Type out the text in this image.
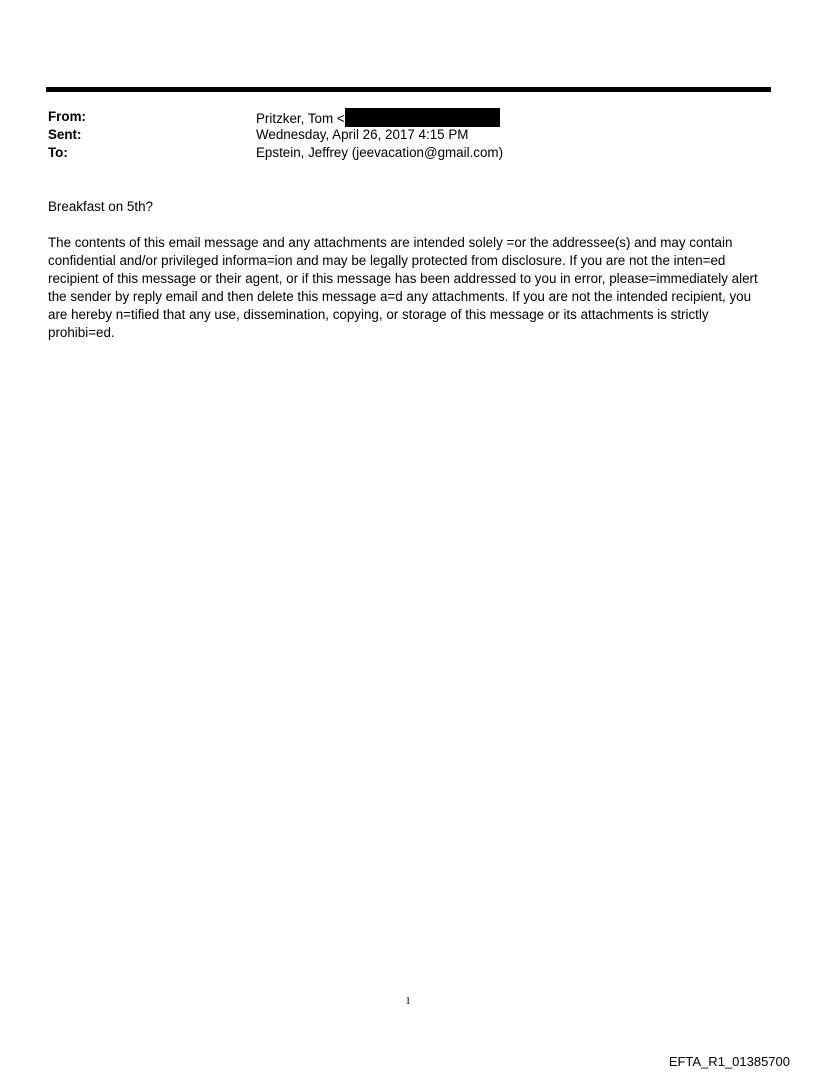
From:	Pritzker, Tom <
Sent:	Wednesday, April 26, 2017 4:15 PM
To:	Epstein, Jeffrey (jeevacation@gmail.com)
Breakfast on 5th?
The contents of this email message and any attachments are intended solely =or the addressee(s) and may contain
confidential and/or privileged informa=ion and may be legally protected from disclosure. If you are not the inten=ed
recipient of this message or their agent, or if this message has been addressed to you in error, please=immediately alert
the sender by reply email and then delete this message a=d any attachments. If you are not the intended recipient, you
are hereby n=tified that any use, dissemination, copying, or storage of this message or its attachments is strictly
prohibi=ed.
1
EFTA_R1_01385700
